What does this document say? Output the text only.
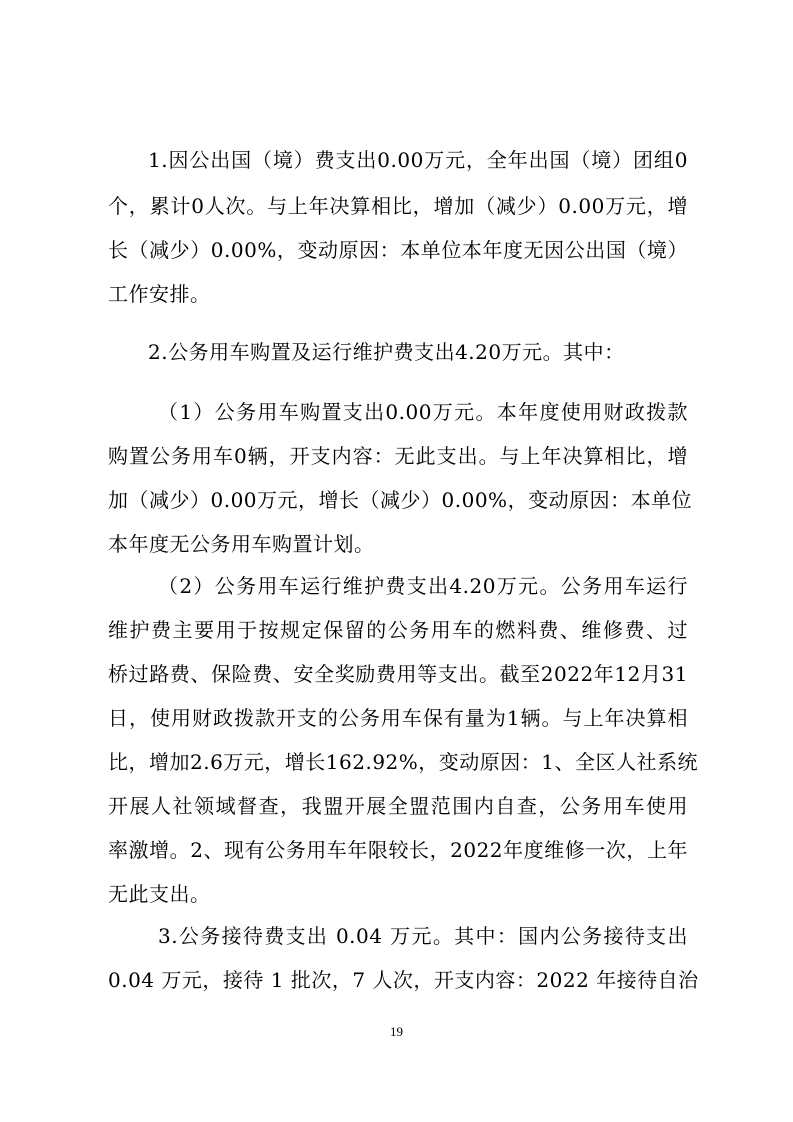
1.因公出国（境）费支出0.00万元，全年出国（境）团组0
个，累计0人次。与上年决算相比，增加（减少）0.00万元，增
长（减少）0.00%，变动原因：本单位本年度无因公出国（境）
工作安排。
2.公务用车购置及运行维护费支出4.20万元。其中：
（1）公务用车购置支出0.00万元。本年度使用财政拨款
购置公务用车0辆，开支内容：无此支出。与上年决算相比，增
加（减少）0.00万元，增长（减少）0.00%，变动原因：本单位
本年度无公务用车购置计划。
（2）公务用车运行维护费支出4.20万元。公务用车运行
维护费主要用于按规定保留的公务用车的燃料费、维修费、过
桥过路费、保险费、安全奖励费用等支出。截至2022年12月31
日，使用财政拨款开支的公务用车保有量为1辆。与上年决算相
比，增加2.6万元，增长162.92%，变动原因：1、全区人社系统
开展人社领域督查，我盟开展全盟范围内自查，公务用车使用
率激增。2、现有公务用车年限较长，2022年度维修一次，上年
无此支出。
3.公务接待费支出 0.04 万元。其中：国内公务接待支出
0.04 万元，接待 1 批次，7 人次，开支内容：2022 年接待自治
19
